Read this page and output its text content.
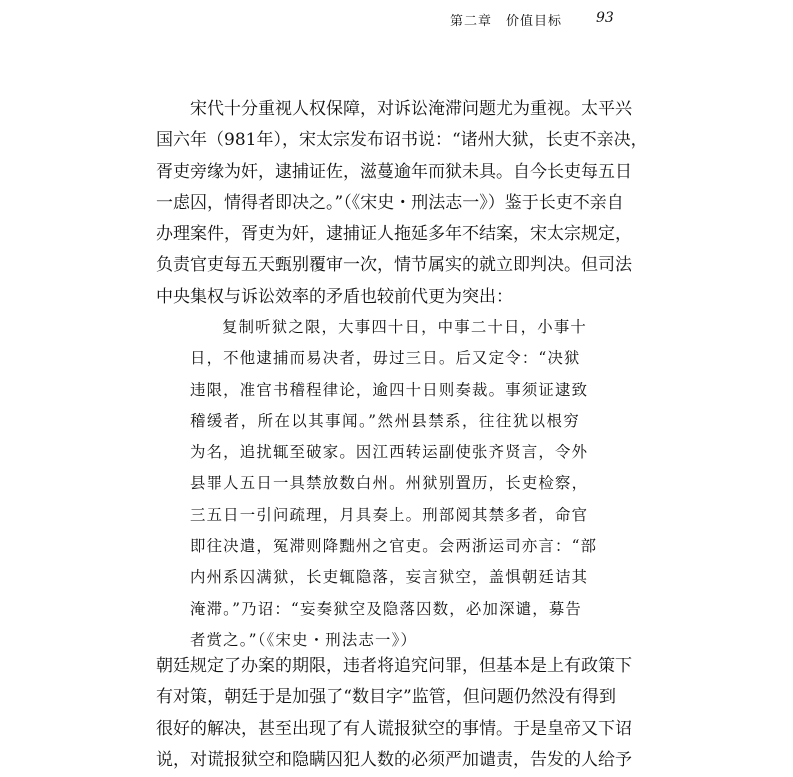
第二章　价值目标 93

宋代十分重视人权保障，对诉讼淹滞问题尤为重视。太平兴
国六年（981年），宋太宗发布诏书说：“诸州大狱，长吏不亲决，
胥吏旁缘为奸，逮捕证佐，滋蔓逾年而狱未具。自今长吏每五日
一虑囚，情得者即决之。”（《宋史・刑法志一》）鉴于长吏不亲自
办理案件，胥吏为奸，逮捕证人拖延多年不结案，宋太宗规定，
负责官吏每五天甄别覆审一次，情节属实的就立即判决。但司法
中央集权与诉讼效率的矛盾也较前代更为突出：

复制听狱之限，大事四十日，中事二十日，小事十
日，不他逮捕而易决者，毋过三日。后又定令：“决狱
违限，准官书稽程律论，逾四十日则奏裁。事须证逮致
稽缓者，所在以其事闻。”然州县禁系，往往犹以根穷
为名，追扰辄至破家。因江西转运副使张齐贤言，令外
县罪人五日一具禁放数白州。州狱别置历，长吏检察，
三五日一引问疏理，月具奏上。刑部阅其禁多者，命官
即往决遣，冤滞则降黜州之官吏。会两浙运司亦言：“部
内州系囚满狱，长吏辄隐落，妄言狱空，盖惧朝廷诘其
淹滞。”乃诏：“妄奏狱空及隐落囚数，必加深谴，募告
者赏之。”（《宋史・刑法志一》）

朝廷规定了办案的期限，违者将追究问罪，但基本是上有政策下
有对策，朝廷于是加强了“数目字”监管，但问题仍然没有得到
很好的解决，甚至出现了有人谎报狱空的事情。于是皇帝又下诏
说，对谎报狱空和隐瞒囚犯人数的必须严加谴责，告发的人给予
